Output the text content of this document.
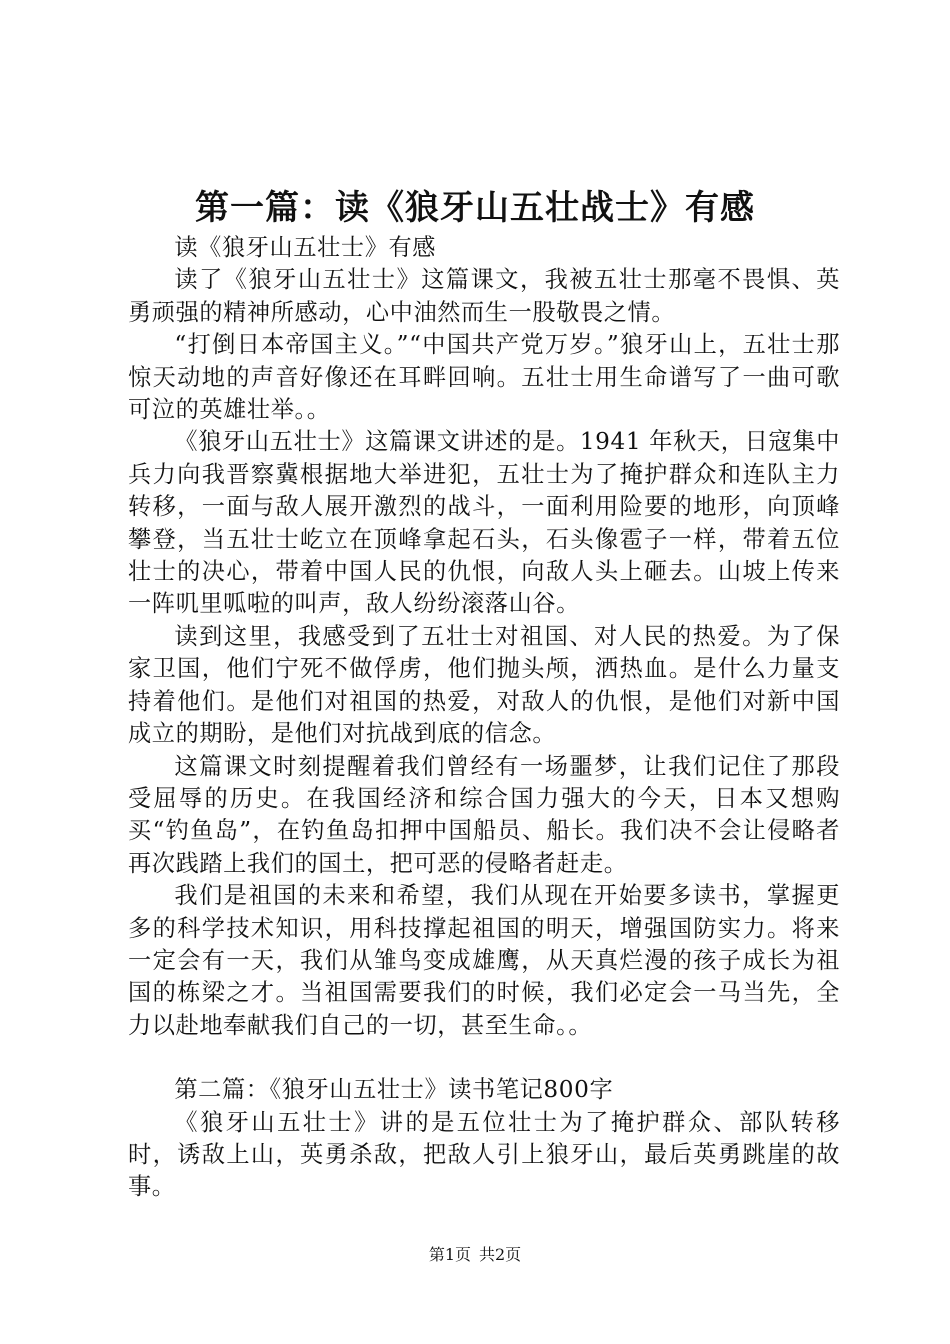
第一篇：读《狼牙山五壮战士》有感

读《狼牙山五壮士》有感

读了《狼牙山五壮士》这篇课文，我被五壮士那毫不畏惧、英勇顽强的精神所感动，心中油然而生一股敬畏之情。

“打倒日本帝国主义。”“中国共产党万岁。”狼牙山上，五壮士那惊天动地的声音好像还在耳畔回响。五壮士用生命谱写了一曲可歌可泣的英雄壮举。。

《狼牙山五壮士》这篇课文讲述的是。1941 年秋天，日寇集中兵力向我晋察冀根据地大举进犯，五壮士为了掩护群众和连队主力转移，一面与敌人展开激烈的战斗，一面利用险要的地形，向顶峰攀登，当五壮士屹立在顶峰拿起石头，石头像雹子一样，带着五位壮士的决心，带着中国人民的仇恨，向敌人头上砸去。山坡上传来一阵叽里呱啦的叫声，敌人纷纷滚落山谷。

读到这里，我感受到了五壮士对祖国、对人民的热爱。为了保家卫国，他们宁死不做俘虏，他们抛头颅，洒热血。是什么力量支持着他们。是他们对祖国的热爱，对敌人的仇恨，是他们对新中国成立的期盼，是他们对抗战到底的信念。

这篇课文时刻提醒着我们曾经有一场噩梦，让我们记住了那段受屈辱的历史。在我国经济和综合国力强大的今天，日本又想购买“钓鱼岛”，在钓鱼岛扣押中国船员、船长。我们决不会让侵略者再次践踏上我们的国土，把可恶的侵略者赶走。

我们是祖国的未来和希望，我们从现在开始要多读书，掌握更多的科学技术知识，用科技撑起祖国的明天，增强国防实力。将来一定会有一天，我们从雏鸟变成雄鹰，从天真烂漫的孩子成长为祖国的栋梁之才。当祖国需要我们的时候，我们必定会一马当先，全力以赴地奉献我们自己的一切，甚至生命。。

第二篇：《狼牙山五壮士》读书笔记800字

《狼牙山五壮士》讲的是五位壮士为了掩护群众、部队转移时，诱敌上山，英勇杀敌，把敌人引上狼牙山，最后英勇跳崖的故事。

第1页 共2页
